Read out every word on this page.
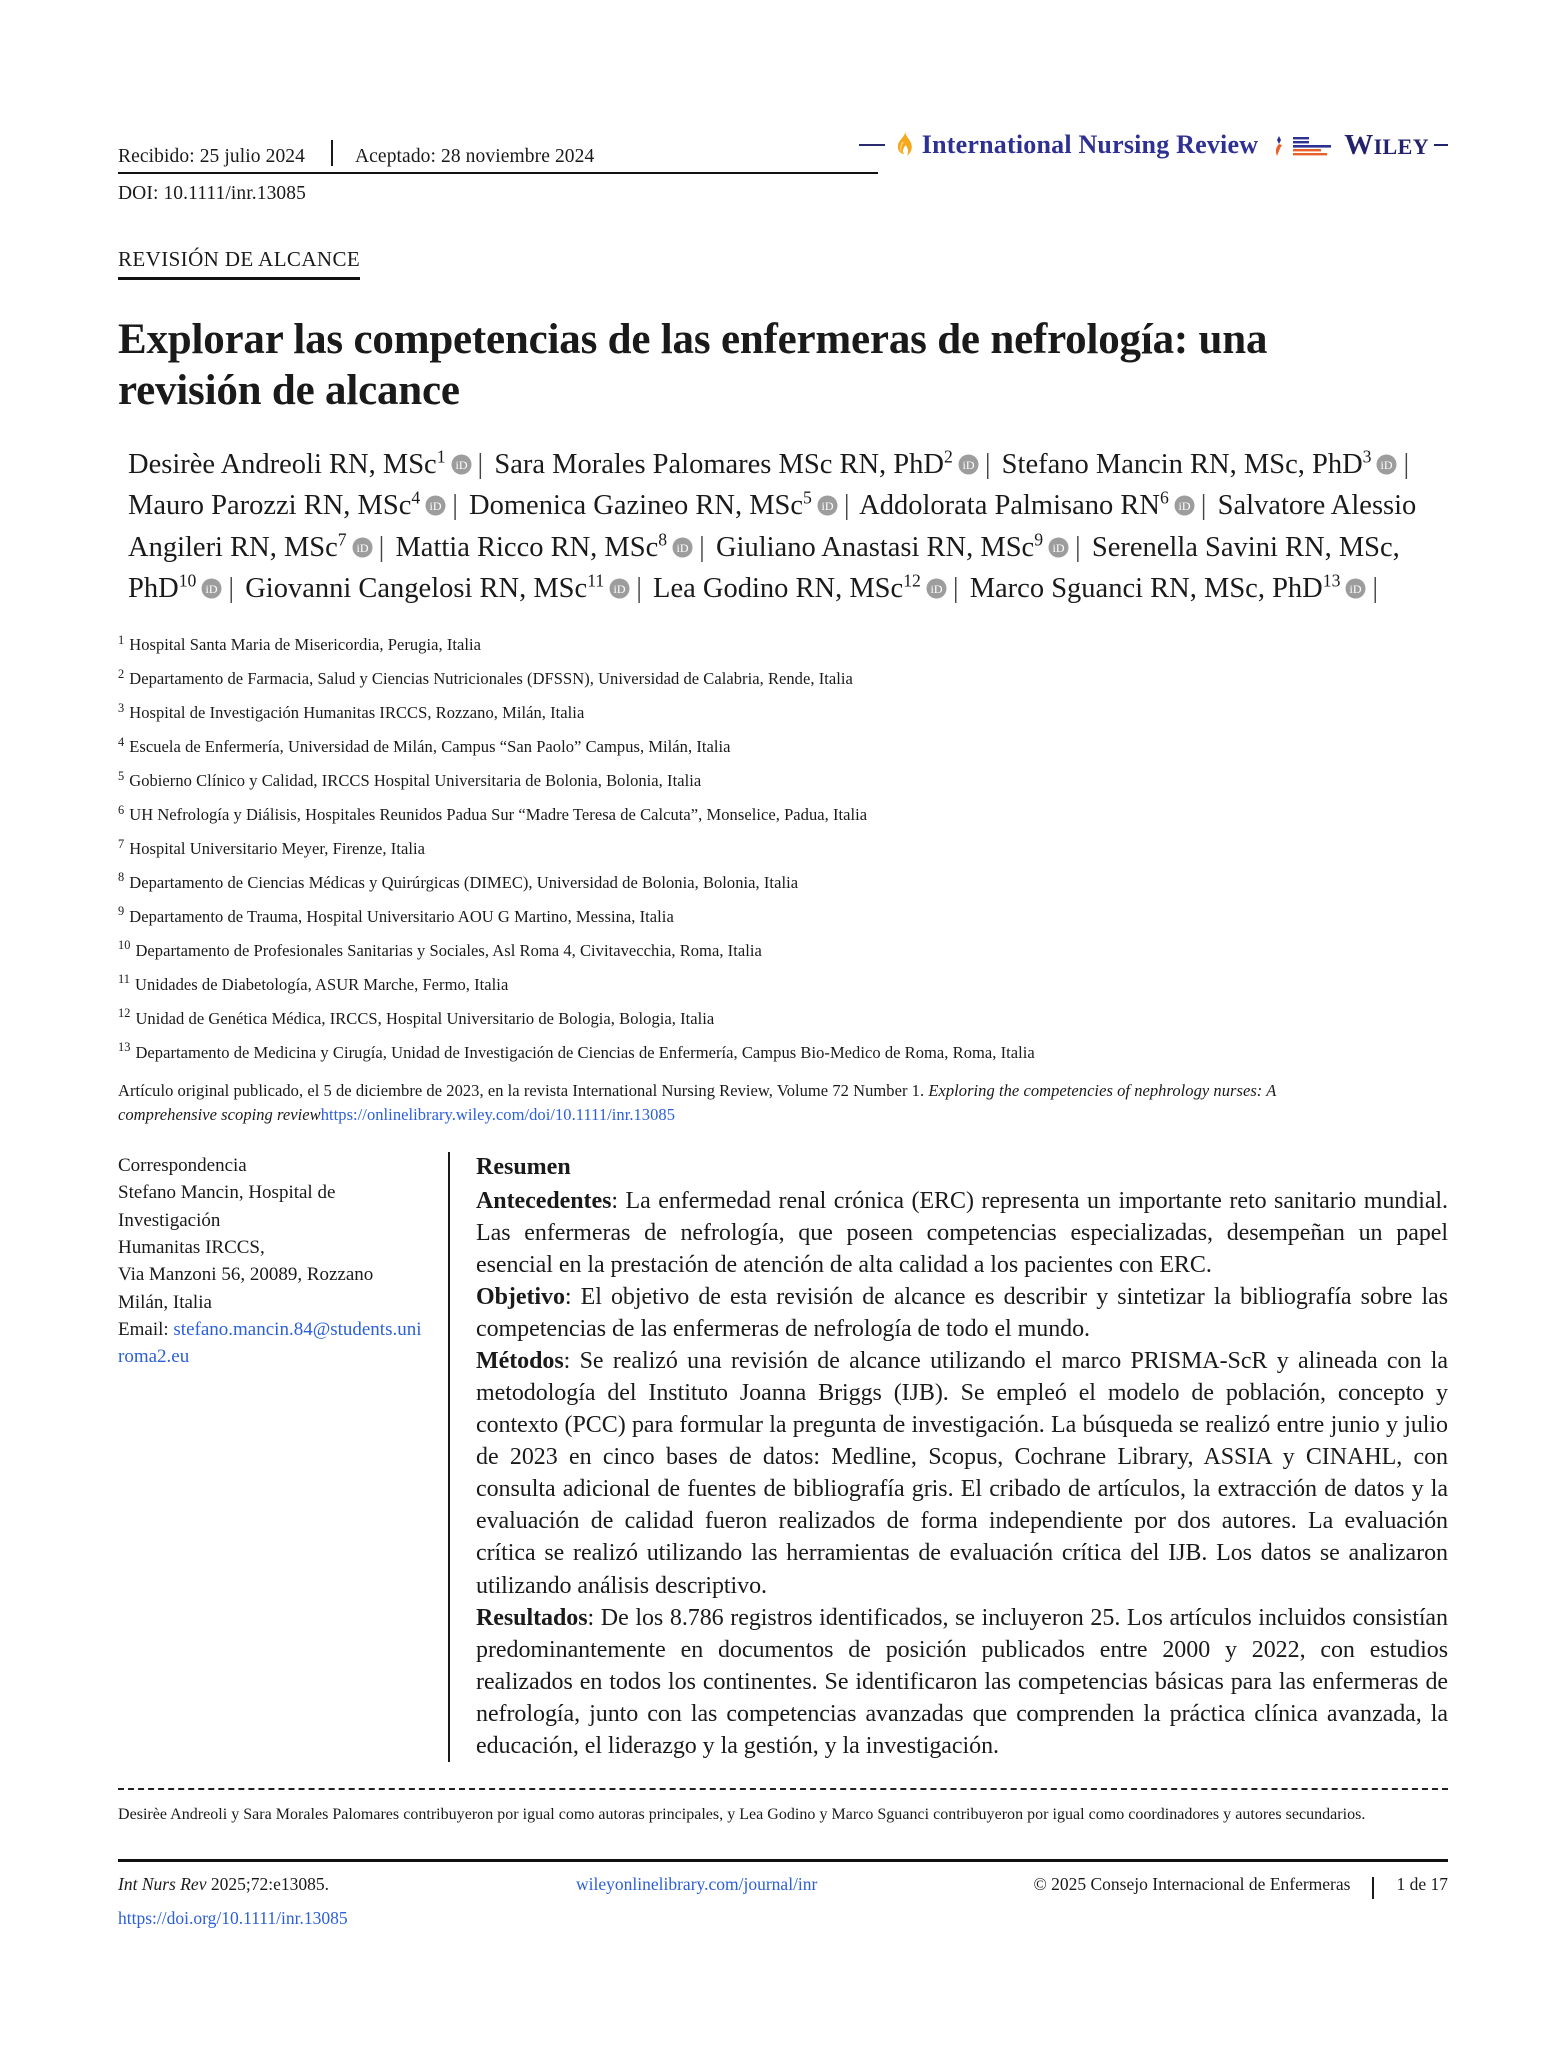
Recibido: 25 julio 2024	Aceptado: 28 noviembre 2024	International Nursing Review	WILEY
DOI: 10.1111/inr.13085
REVISIÓN DE ALCANCE
Explorar las competencias de las enfermeras de nefrología: una revisión de alcance
Desirèe Andreoli RN, MSc$^1$ iD | Sara Morales Palomares MSc RN, PhD$^2$ iD | Stefano Mancin RN, MSc, PhD$^3$ iD | Mauro Parozzi RN, MSc$^4$ iD | Domenica Gazineo RN, MSc$^5$ iD | Addolorata Palmisano $RN^6$ iD | Salvatore Alessio Angileri RN, MSc$^7$ iD | Mattia Ricco RN, MSc$^8$ iD | Giuliano Anastasi RN, MSc$^9$ iD | Serenella Savini RN, MSc, PhD$^{10}$ iD | Giovanni Cangelosi RN, MSc$^{11}$ iD | Lea Godino RN, MSc$^{12}$ iD | Marco Sguanci RN, MSc, PhD$^{13}$ iD |
$^1$ Hospital Santa Maria de Misericordia, Perugia, Italia
$^2$ Departamento de Farmacia, Salud y Ciencias Nutricionales (DFSSN), Universidad de Calabria, Rende, Italia
$^3$ Hospital de Investigación Humanitas IRCCS, Rozzano, Milán, Italia
$^4$ Escuela de Enfermería, Universidad de Milán, Campus “San Paolo” Campus, Milán, Italia
$^5$ Gobierno Clínico y Calidad, IRCCS Hospital Universitaria de Bolonia, Bolonia, Italia
$^6$ UH Nefrología y Diálisis, Hospitales Reunidos Padua Sur “Madre Teresa de Calcuta”, Monselice, Padua, Italia
$^7$ Hospital Universitario Meyer, Firenze, Italia
$^8$ Departamento de Ciencias Médicas y Quirúrgicas (DIMEC), Universidad de Bolonia, Bolonia, Italia
$^9$ Departamento de Trauma, Hospital Universitario AOU G Martino, Messina, Italia
$^{10}$ Departamento de Profesionales Sanitarias y Sociales, Asl Roma 4, Civitavecchia, Roma, Italia
$^{11}$ Unidades de Diabetología, ASUR Marche, Fermo, Italia
$^{12}$ Unidad de Genética Médica, IRCCS, Hospital Universitario de Bologia, Bologia, Italia
$^{13}$ Departamento de Medicina y Cirugía, Unidad de Investigación de Ciencias de Enfermería, Campus Bio-Medico de Roma, Roma, Italia
Artículo original publicado, el 5 de diciembre de 2023, en la revista International Nursing Review, Volume 72 Number 1. Exploring the competencies of nephrology nurses: A comprehensive scoping reviewhttps://onlinelibrary.wiley.com/doi/10.1111/inr.13085
Correspondencia
Stefano Mancin, Hospital de Investigación
Humanitas IRCCS,
Via Manzoni 56, 20089, Rozzano Milán, Italia
Email: stefano.mancin.84@students.uniroma2.eu
Resumen

Antecedentes: La enfermedad renal crónica (ERC) representa un importante reto sanitario mundial. Las enfermeras de nefrología, que poseen competencias especializadas, desempeñan un papel esencial en la prestación de atención de alta calidad a los pacientes con ERC.

Objetivo: El objetivo de esta revisión de alcance es describir y sintetizar la bibliografía sobre las competencias de las enfermeras de nefrología de todo el mundo.

Métodos: Se realizó una revisión de alcance utilizando el marco PRISMA-ScR y alineada con la metodología del Instituto Joanna Briggs (IJB). Se empleó el modelo de población, concepto y contexto (PCC) para formular la pregunta de investigación. La búsqueda se realizó entre junio y julio de 2023 en cinco bases de datos: Medline, Scopus, Cochrane Library, ASSIA y CINAHL, con consulta adicional de fuentes de bibliografía gris. El cribado de artículos, la extracción de datos y la evaluación de calidad fueron realizados de forma independiente por dos autores. La evaluación crítica se realizó utilizando las herramientas de evaluación crítica del IJB. Los datos se analizaron utilizando análisis descriptivo.

Resultados: De los 8.786 registros identificados, se incluyeron 25. Los artículos incluidos consistían predominantemente en documentos de posición publicados entre 2000 y 2022, con estudios realizados en todos los continentes. Se identificaron las competencias básicas para las enfermeras de nefrología, junto con las competencias avanzadas que comprenden la práctica clínica avanzada, la educación, el liderazgo y la gestión, y la investigación.

Desirèe Andreoli y Sara Morales Palomares contribuyeron por igual como autoras principales, y Lea Godino y Marco Sguanci contribuyeron por igual como coordinadores y autores secundarios.
Int Nurs Rev 2025;72:e13085.
https://doi.org/10.1111/inr.13085
wileyonlinelibrary.com/journal/inr	© 2025 Consejo Internacional de Enfermeras	1 de 17
